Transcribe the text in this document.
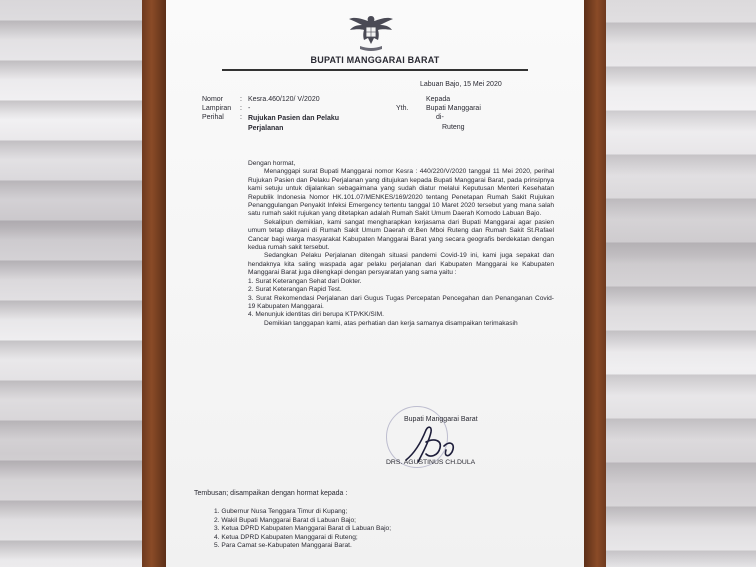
BUPATI MANGGARAI BARAT
Labuan Bajo, 15 Mei 2020
Nomor	: Kesra.460/120/ V/2020
Lampiran	: -
Perihal	: Rujukan Pasien dan Pelaku Perjalanan
Kepada
Yth.	Bupati Manggarai
di-
Ruteng

Dengan hormat,

Menanggapi surat Bupati Manggarai nomor Kesra : 440/220/V/2020 tanggal 11 Mei 2020, perihal Rujukan Pasien dan Pelaku Perjalanan yang ditujukan kepada Bupati Manggarai Barat, pada prinsipnya kami setuju untuk dijalankan sebagaimana yang sudah diatur melalui Keputusan Menteri Kesehatan Republik Indonesia Nomor HK.101.07/MENKES/169/2020 tentang Penetapan Rumah Sakit Rujukan Penanggulangan Penyakit Infeksi Emergency tertentu tanggal 10 Maret 2020 tersebut yang mana salah satu rumah sakit rujukan yang ditetapkan adalah Rumah Sakit Umum Daerah Komodo Labuan Bajo.

Sekalipun demikian, kami sangat mengharapkan kerjasama dari Bupati Manggarai agar pasien umum tetap dilayani di Rumah Sakit Umum Daerah dr.Ben Mboi Ruteng dan Rumah Sakit St.Rafael Cancar bagi warga masyarakat Kabupaten Manggarai Barat yang secara geografis berdekatan dengan kedua rumah sakit tersebut.

Sedangkan Pelaku Perjalanan ditengah situasi pandemi Covid-19 ini, kami juga sepakat dan hendaknya kita saling waspada agar pelaku perjalanan dari Kabupaten Manggarai ke Kabupaten Manggarai Barat juga dilengkapi dengan persyaratan yang sama yaitu :

1. Surat Keterangan Sehat dari Dokter.
2. Surat Keterangan Rapid Test.
3. Surat Rekomendasi Perjalanan dari Gugus Tugas Percepatan Pencegahan dan Penanganan Covid-19 Kabupaten Manggarai.
4. Menunjuk identitas diri berupa KTP/KK/SIM.

Demikian tanggapan kami, atas perhatian dan kerja samanya disampaikan terimakasih

Bupati Manggarai Barat
DRS. AGUSTINUS CH.DULA
Tembusan; disampaikan dengan hormat kepada :
1. Gubernur Nusa Tenggara Timur di Kupang;
2. Wakil Bupati Manggarai Barat di Labuan Bajo;
3. Ketua DPRD Kabupaten Manggarai Barat di Labuan Bajo;
4. Ketua DPRD Kabupaten Manggarai di Ruteng;
5. Para Camat se-Kabupaten Manggarai Barat.
